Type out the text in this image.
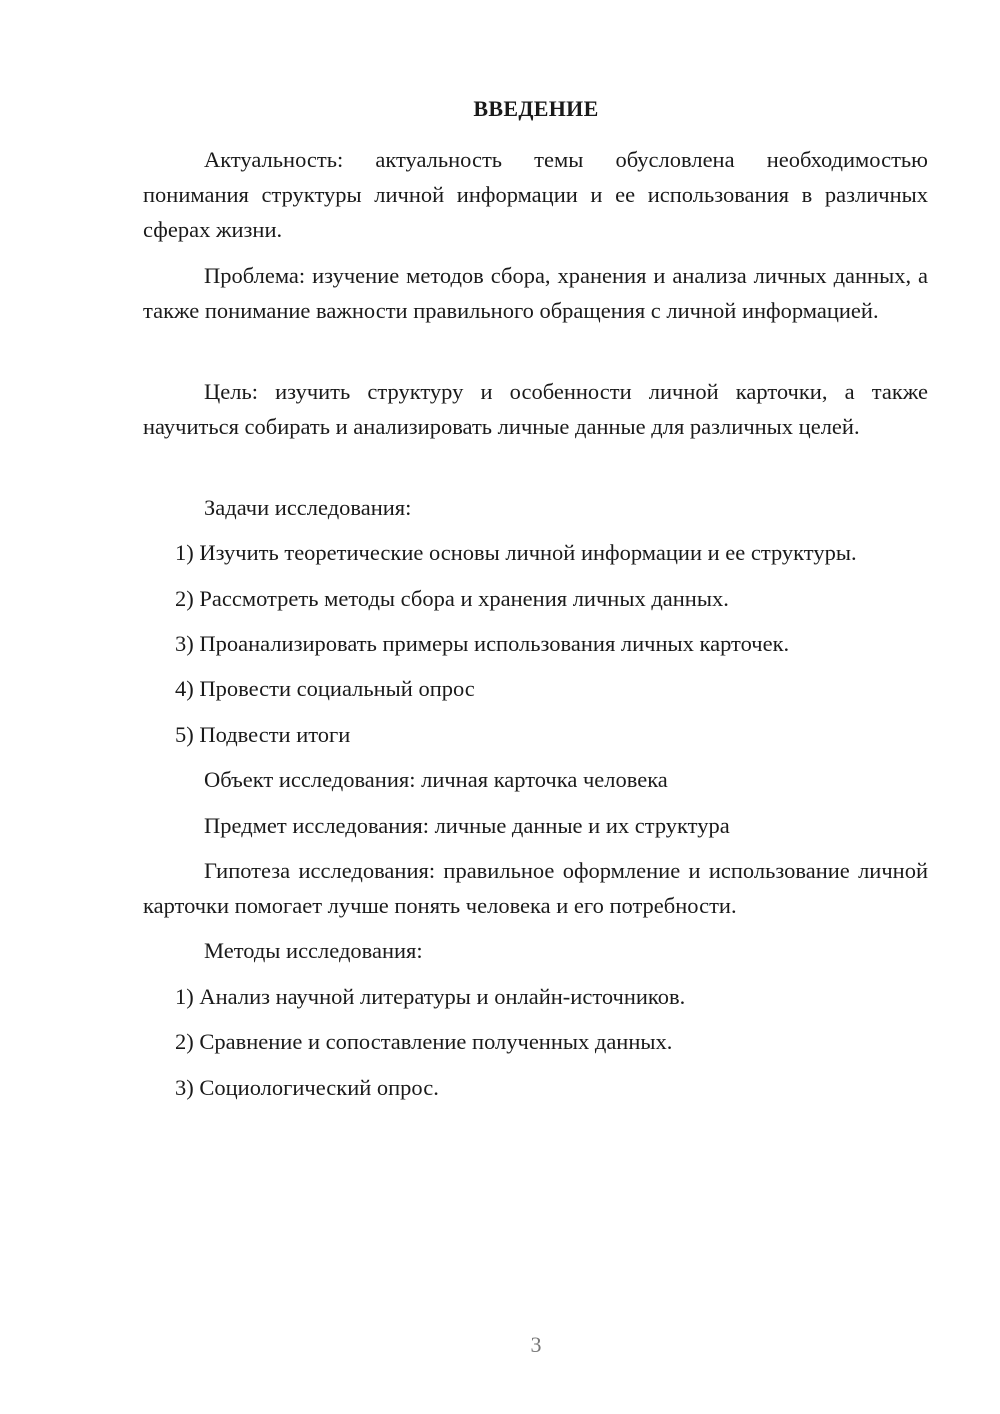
ВВЕДЕНИЕ

Актуальность: актуальность темы обусловлена необходимостью понимания структуры личной информации и ее использования в различных сферах жизни.

Проблема: изучение методов сбора, хранения и анализа личных данных, а также понимание важности правильного обращения с личной информацией.

Цель: изучить структуру и особенности личной карточки, а также научиться собирать и анализировать личные данные для различных целей.

Задачи исследования:

1) Изучить теоретические основы личной информации и ее структуры.

2) Рассмотреть методы сбора и хранения личных данных.

3) Проанализировать примеры использования личных карточек.

4) Провести социальный опрос

5) Подвести итоги

Объект исследования: личная карточка человека

Предмет исследования: личные данные и их структура

Гипотеза исследования: правильное оформление и использование личной карточки помогает лучше понять человека и его потребности.

Методы исследования:

1) Анализ научной литературы и онлайн-источников.

2) Сравнение и сопоставление полученных данных.

3) Социологический опрос.

3
